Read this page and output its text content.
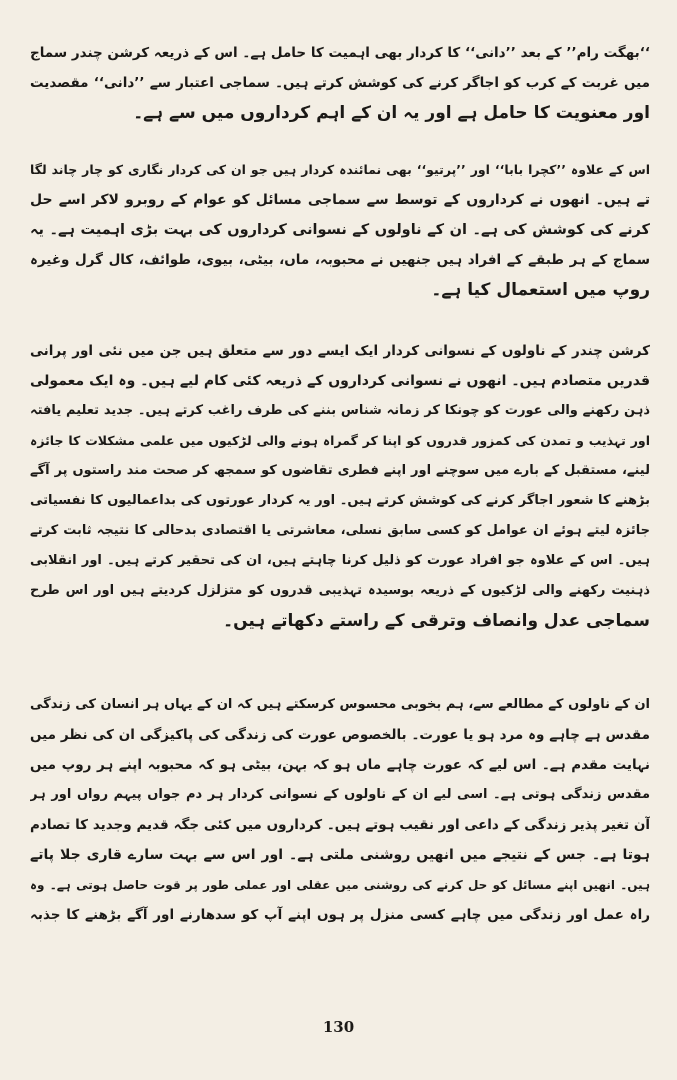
‘‘بھگت رام’’ کے بعد ’’دانی‘‘ کا کردار بھی اہمیت کا حامل ہے۔ اس کے ذریعہ کرشن چندر سماج
میں غربت کے کرب کو اجاگر کرنے کی کوشش کرتے ہیں۔ سماجی اعتبار سے ’’دانی‘‘ مقصدیت
اور معنویت کا حامل ہے اور یہ ان کے اہم کرداروں میں سے ہے۔
اس کے علاوہ ’’کچرا بابا‘‘ اور ’’پرتیو‘‘ بھی نمائندہ کردار ہیں جو ان کی کردار نگاری کو چار چاند لگا
تے ہیں۔ انھوں نے کرداروں کے توسط سے سماجی مسائل کو عوام کے روبرو لاکر اسے حل
کرنے کی کوشش کی ہے۔ ان کے ناولوں کے نسوانی کرداروں کی بہت بڑی اہمیت ہے۔ یہ
سماج کے ہر طبقے کے افراد ہیں جنھیں نے محبوبہ، ماں، بیٹی، بیوی، طوائف، کال گرل وغیرہ
روپ میں استعمال کیا ہے۔
کرشن چندر کے ناولوں کے نسوانی کردار ایک ایسے دور سے متعلق ہیں جن میں نئی اور پرانی
قدریں متصادم ہیں۔ انھوں نے نسوانی کرداروں کے ذریعہ کئی کام لیے ہیں۔ وہ ایک معمولی
ذہن رکھنے والی عورت کو چونکا کر زمانہ شناس بننے کی طرف راغب کرتے ہیں۔ جدید تعلیم یافتہ
اور تہذیب و تمدن کی کمزور قدروں کو اپنا کر گمراہ ہونے والی لڑکیوں میں علمی مشکلات کا جائزہ
لینے، مستقبل کے بارے میں سوچنے اور اپنے فطری تقاضوں کو سمجھ کر صحت مند راستوں پر آگے
بڑھنے کا شعور اجاگر کرنے کی کوشش کرتے ہیں۔ اور یہ کردار عورتوں کی بداعمالیوں کا نفسیاتی
جائزہ لیتے ہوئے ان عوامل کو کسی سابق نسلی، معاشرتی یا اقتصادی بدحالی کا نتیجہ ثابت کرتے
ہیں۔ اس کے علاوہ جو افراد عورت کو ذلیل کرنا چاہتے ہیں، ان کی تحقیر کرتے ہیں۔ اور انقلابی
ذہنیت رکھنے والی لڑکیوں کے ذریعہ بوسیدہ تہذیبی قدروں کو متزلزل کردیتے ہیں اور اس طرح
سماجی عدل وانصاف وترقی کے راستے دکھاتے ہیں۔
ان کے ناولوں کے مطالعے سے، ہم بخوبی محسوس کرسکتے ہیں کہ ان کے یہاں ہر انسان کی زندگی
مقدس ہے چاہے وہ مرد ہو یا عورت۔ بالخصوص عورت کی زندگی کی پاکیزگی ان کی نظر میں
نہایت مقدم ہے۔ اس لیے کہ عورت چاہے ماں ہو کہ بہن، بیٹی ہو کہ محبوبہ اپنے ہر روپ میں
مقدس زندگی ہوتی ہے۔ اسی لیے ان کے ناولوں کے نسوانی کردار ہر دم جواں پیہم رواں اور ہر
آن تغیر پذیر زندگی کے داعی اور نقیب ہوتے ہیں۔ کرداروں میں کئی جگہ قدیم وجدید کا تصادم
ہوتا ہے۔ جس کے نتیجے میں انھیں روشنی ملتی ہے۔ اور اس سے بہت سارے قاری جلا پاتے
ہیں۔ انھیں اپنے مسائل کو حل کرنے کی روشنی میں عقلی اور عملی طور پر قوت حاصل ہوتی ہے۔ وہ
راہ عمل اور زندگی میں چاہے کسی منزل پر ہوں اپنے آپ کو سدھارنے اور آگے بڑھنے کا جذبہ
130
